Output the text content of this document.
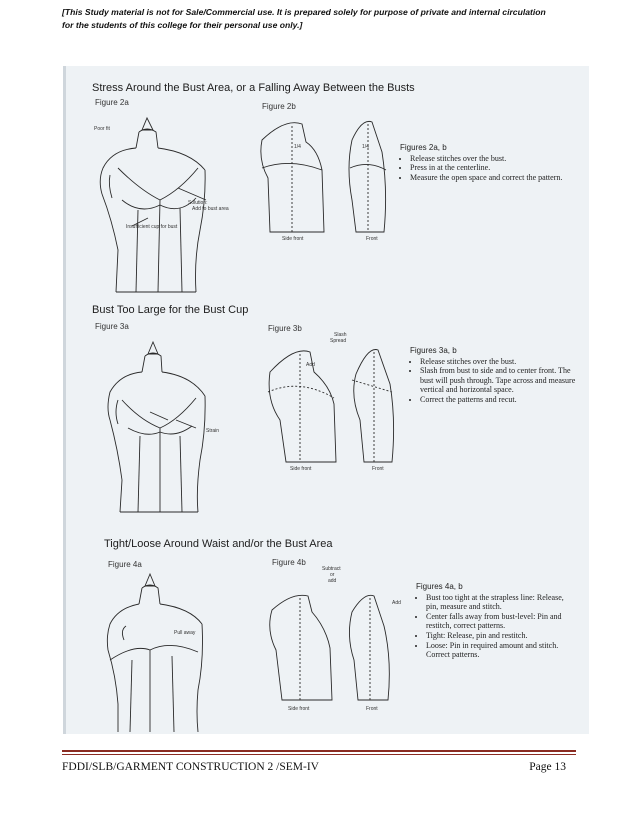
[This Study material is not for Sale/Commercial use. It is prepared solely for purpose of private and internal circulation
for the students of this college for their personal use only.]
Stress Around the Bust Area, or a Falling Away Between the Busts
Figure 2a	Figure 2b
Poor fit
Solution:
Add to bust area
Insufficient cup for bust
1/4	1/4
Side front	Front
Figures 2a, b
• Release stitches over the bust.
• Press in at the centerline.
• Measure the open space and correct the pattern.
Bust Too Large for the Bust Cup
Figure 3a	Figure 3b
Strain
Slash
Spread
Add
Side front	Front
Figures 3a, b
• Release stitches over the bust.
• Slash from bust to side and to center front. The bust will push through. Tape across and measure vertical and horizontal space.
• Correct the patterns and recut.
Tight/Loose Around Waist and/or the Bust Area
Figure 4a	Figure 4b
Pull away
Subtract
or
add
Add
Side front	Front
Figures 4a, b
• Bust too tight at the strapless line: Release, pin, measure and stitch.
• Center falls away from bust-level: Pin and restitch, correct patterns.
• Tight: Release, pin and restitch.
• Loose: Pin in required amount and stitch. Correct patterns.
FDDI/SLB/GARMENT CONSTRUCTION 2 /SEM-IV	Page 13
